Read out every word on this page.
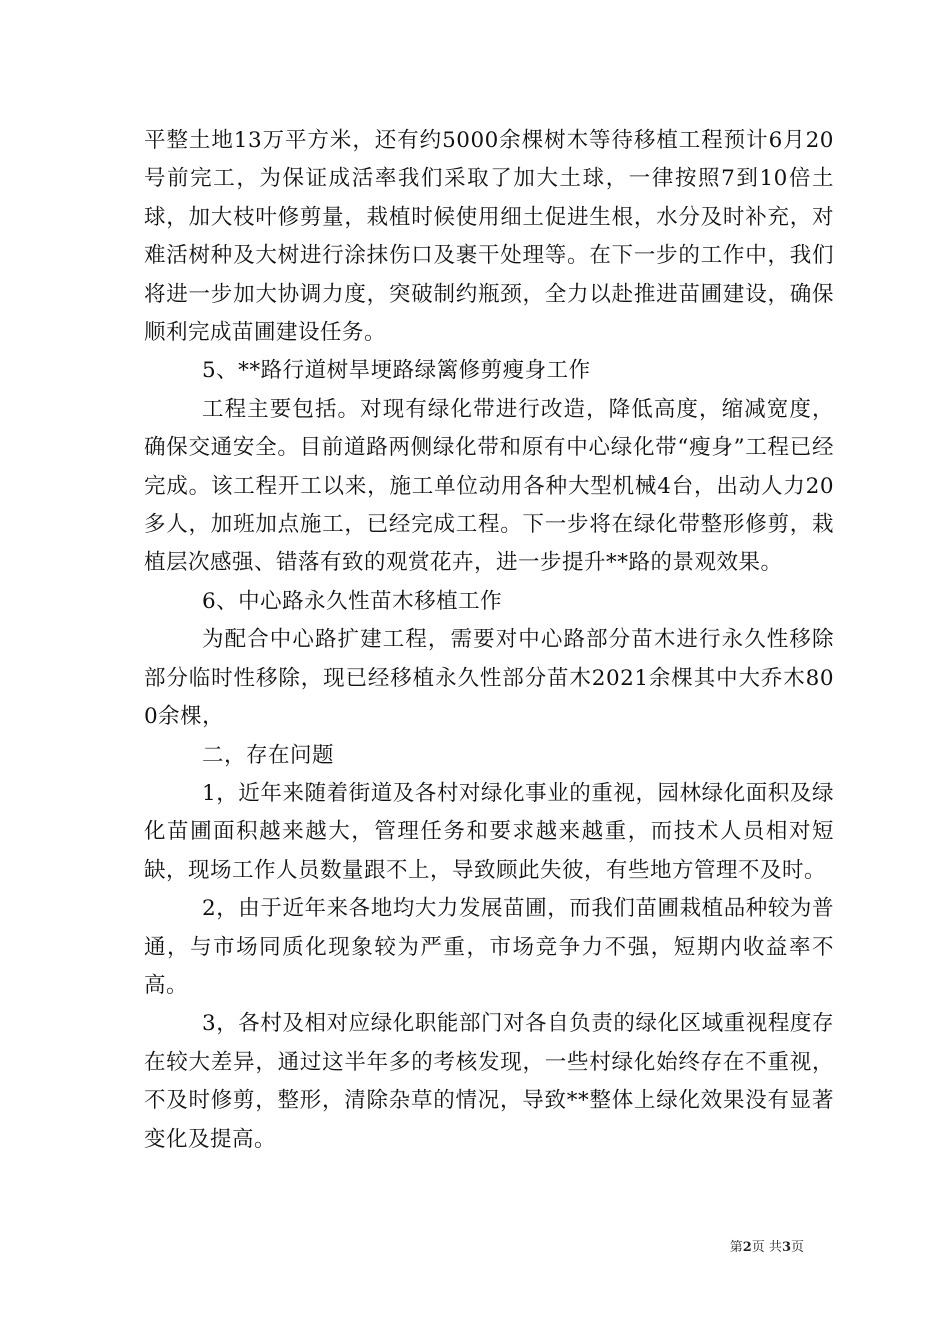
平整土地13万平方米，还有约5000余棵树木等待移植工程预计6月20号前完工，为保证成活率我们采取了加大土球，一律按照7到10倍土球，加大枝叶修剪量，栽植时候使用细土促进生根，水分及时补充，对难活树种及大树进行涂抹伤口及裹干处理等。在下一步的工作中，我们将进一步加大协调力度，突破制约瓶颈，全力以赴推进苗圃建设，确保顺利完成苗圃建设任务。

5、**路行道树旱埂路绿篱修剪瘦身工作

工程主要包括。对现有绿化带进行改造，降低高度，缩减宽度，确保交通安全。目前道路两侧绿化带和原有中心绿化带“瘦身”工程已经完成。该工程开工以来，施工单位动用各种大型机械4台，出动人力20多人，加班加点施工，已经完成工程。下一步将在绿化带整形修剪，栽植层次感强、错落有致的观赏花卉，进一步提升**路的景观效果。

6、中心路永久性苗木移植工作

为配合中心路扩建工程，需要对中心路部分苗木进行永久性移除部分临时性移除，现已经移植永久性部分苗木2021余棵其中大乔木800余棵，

二，存在问题

1，近年来随着街道及各村对绿化事业的重视，园林绿化面积及绿化苗圃面积越来越大，管理任务和要求越来越重，而技术人员相对短缺，现场工作人员数量跟不上，导致顾此失彼，有些地方管理不及时。

2，由于近年来各地均大力发展苗圃，而我们苗圃栽植品种较为普通，与市场同质化现象较为严重，市场竞争力不强，短期内收益率不高。

3，各村及相对应绿化职能部门对各自负责的绿化区域重视程度存在较大差异，通过这半年多的考核发现，一些村绿化始终存在不重视，不及时修剪，整形，清除杂草的情况，导致**整体上绿化效果没有显著变化及提高。

第2页 共3页
